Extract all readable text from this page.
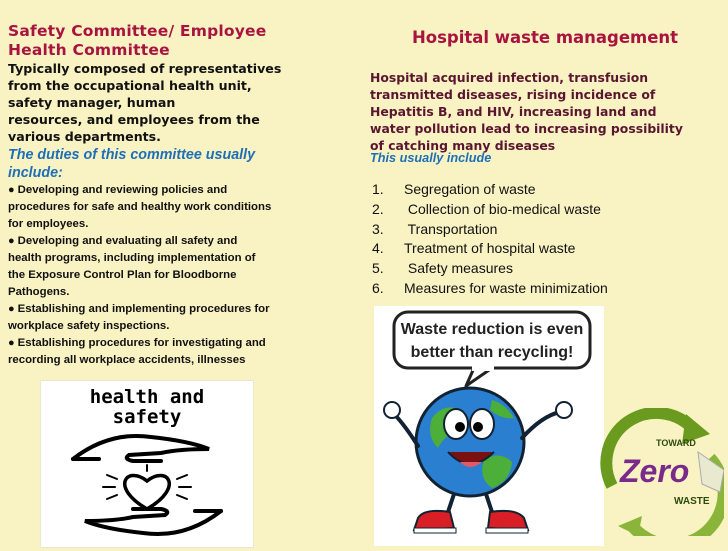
Safety Committee/ Employee
Health Committee

Typically composed of representatives
from the occupational health unit,
safety manager, human
resources, and employees from the
various departments.

The duties of this committee usually
include:

● Developing and reviewing policies and
procedures for safe and healthy work conditions
for employees.
● Developing and evaluating all safety and
health programs, including implementation of
the Exposure Control Plan for Bloodborne
Pathogens.
● Establishing and implementing procedures for
workplace safety inspections.
● Establishing procedures for investigating and
recording all workplace accidents, illnesses
health and
safety
Hospital waste management

Hospital acquired infection, transfusion
transmitted diseases, rising incidence of
Hepatitis B, and HIV, increasing land and
water pollution lead to increasing possibility
of catching many diseases

This usually include

1. Segregation of waste
2. Collection of bio-medical waste
3. Transportation
4. Treatment of hospital waste
5. Safety measures
6. Measures for waste minimization
Waste reduction is even
better than recycling!
TOWARD
Zero
WASTE
